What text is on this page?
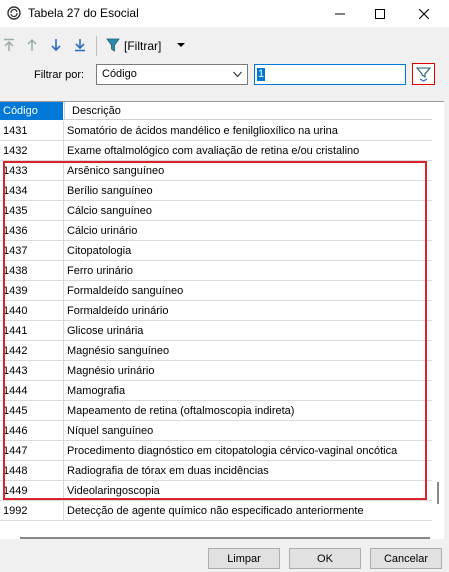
Tabela 27 do Esocial
[Filtrar]
Filtrar por: Código	1
Código	Descrição
1431	Somatório de ácidos mandélico e fenilglioxílico na urina
1432	Exame oftalmológico com avaliação de retina e/ou cristalino
1433	Arsênico sanguíneo
1434	Berílio sanguíneo
1435	Cálcio sanguíneo
1436	Cálcio urinário
1437	Citopatologia
1438	Ferro urinário
1439	Formaldeído sanguíneo
1440	Formaldeído urinário
1441	Glicose urinária
1442	Magnésio sanguíneo
1443	Magnésio urinário
1444	Mamografia
1445	Mapeamento de retina (oftalmoscopia indireta)
1446	Níquel sanguíneo
1447	Procedimento diagnóstico em citopatologia cérvico-vaginal oncótica
1448	Radiografia de tórax em duas incidências
1449	Videolaringoscopia
1992	Detecção de agente químico não especificado anteriormente
Limpar	OK	Cancelar
